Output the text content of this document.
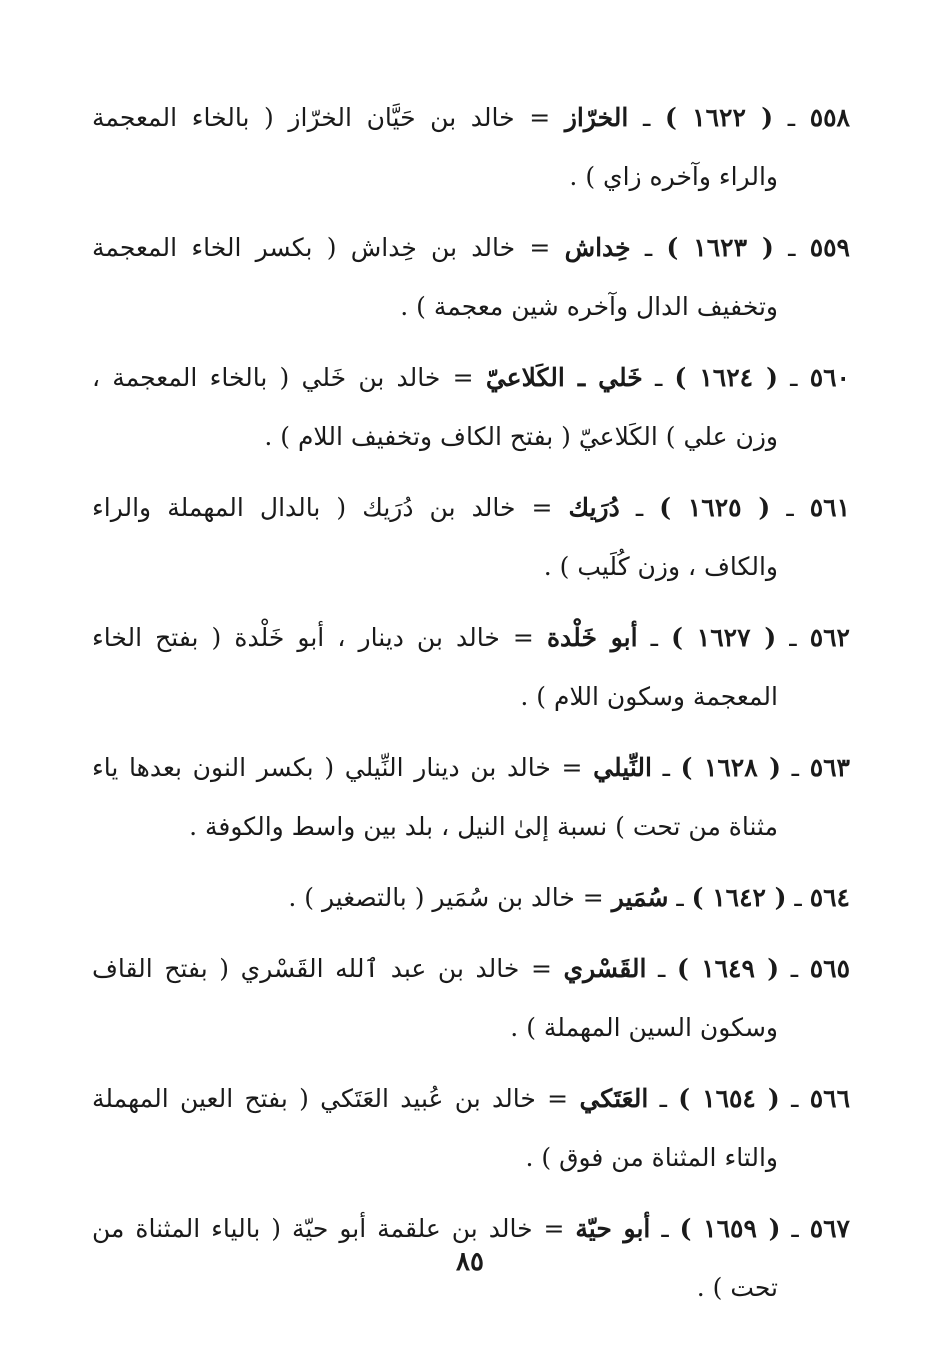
٥٥٨ ـ ( ١٦٢٢ ) ـ الخرّاز = خالد بن حَيَّان الخرّاز ( بالخاء المعجمة
والراء وآخره زاي ) .
٥٥٩ ـ ( ١٦٢٣ ) ـ خِداش = خالد بن خِداش ( بكسر الخاء المعجمة
وتخفيف الدال وآخره شين معجمة ) .
٥٦٠ ـ ( ١٦٢٤ ) ـ خَلي ـ الكَلاعيّ = خالد بن خَلي ( بالخاء المعجمة ،
وزن علي ) الكَلاعيّ ( بفتح الكاف وتخفيف اللام ) .
٥٦١ ـ ( ١٦٢٥ ) ـ دُرَيك = خالد بن دُرَيك ( بالدال المهملة والراء
والكاف ، وزن كُلَيب ) .
٥٦٢ ـ ( ١٦٢٧ ) ـ أبو خَلْدة = خالد بن دينار ، أبو خَلْدة ( بفتح الخاء
المعجمة وسكون اللام ) .
٥٦٣ ـ ( ١٦٢٨ ) ـ النِّيلي = خالد بن دينار النِّيلي ( بكسر النون بعدها ياء
مثناة من تحت ) نسبة إلىٰ النيل ، بلد بين واسط والكوفة .
٥٦٤ ـ ( ١٦٤٢ ) ـ سُمَير = خالد بن سُمَير ( بالتصغير ) .
٥٦٥ ـ ( ١٦٤٩ ) ـ القَسْري = خالد بن عبد ٱلله القَسْري ( بفتح القاف
وسكون السين المهملة ) .
٥٦٦ ـ ( ١٦٥٤ ) ـ العَتَكي = خالد بن عُبيد العَتَكي ( بفتح العين المهملة
والتاء المثناة من فوق ) .
٥٦٧ ـ ( ١٦٥٩ ) ـ أبو حيّة = خالد بن علقمة أبو حيّة ( بالياء المثناة من
تحت ) .
٨٥
